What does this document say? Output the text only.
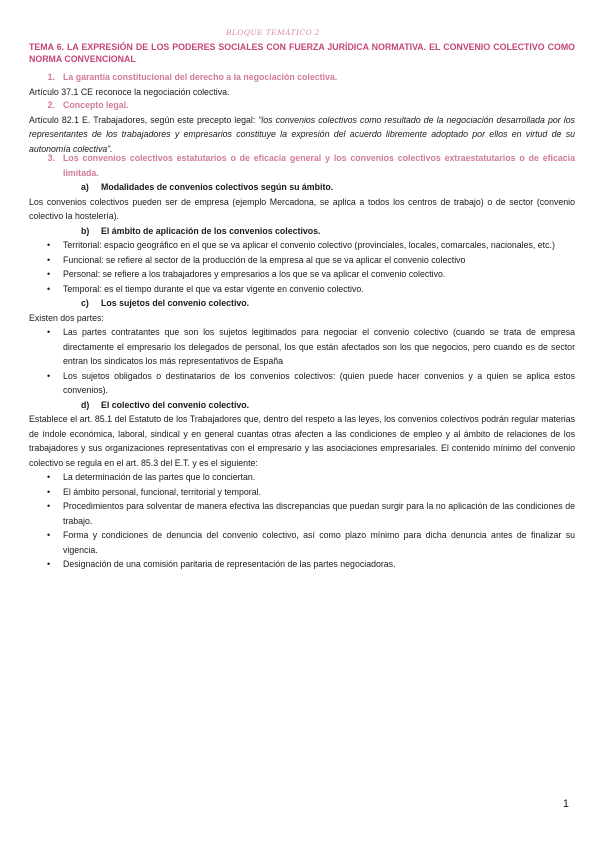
BLOQUE TEMÁTICO 2
TEMA 6. LA EXPRESIÓN DE LOS PODERES SOCIALES CON FUERZA JURÍDICA NORMATIVA. EL CONVENIO COLECTIVO COMO NORMA CONVENCIONAL
1. La garantía constitucional del derecho a la negociación colectiva.
Artículo 37.1 CE reconoce la negociación colectiva.
2. Concepto legal.
Artículo 82.1 E. Trabajadores, según este precepto legal: “los convenios colectivos como resultado de la negociación desarrollada por los representantes de los trabajadores y empresarios constituye la expresión del acuerdo libremente adoptado por ellos en virtud de su autonomía colectiva”.
3. Los convenios colectivos estatutarios o de eficacia general y los convenios colectivos extraestatutarios o de eficacia limitada.
a) Modalidades de convenios colectivos según su ámbito.
Los convenios colectivos pueden ser de empresa (ejemplo Mercadona, se aplica a todos los centros de trabajo) o de sector (convenio colectivo la hostelería).
b) El ámbito de aplicación de los convenios colectivos.
• Territorial: espacio geográfico en el que se va aplicar el convenio colectivo (provinciales, locales, comarcales, nacionales, etc.)
• Funcional: se refiere al sector de la producción de la empresa al que se va aplicar el convenio colectivo
• Personal: se refiere a los trabajadores y empresarios a los que se va aplicar el convenio colectivo.
• Temporal: es el tiempo durante el que va estar vigente en convenio colectivo.
c) Los sujetos del convenio colectivo.
Existen dos partes:
• Las partes contratantes que son los sujetos legitimados para negociar el convenio colectivo (cuando se trata de empresa directamente el empresario los delegados de personal, los que están afectados son los que negocios, pero cuando es de sector entran los sindicatos los más representativos de España
• Los sujetos obligados o destinatarios de los convenios colectivos: (quien puede hacer convenios y a quien se aplica estos convenios).
d) El colectivo del convenio colectivo.
Establece el art. 85.1 del Estatuto de los Trabajadores que, dentro del respeto a las leyes, los convenios colectivos podrán regular materias de índole económica, laboral, sindical y en general cuantas otras afecten a las condiciones de empleo y al ámbito de relaciones de los trabajadores y sus organizaciones representativas con el empresario y las asociaciones empresariales. El contenido mínimo del convenio colectivo se regula en el art. 85.3 del E.T. y es el siguiente:
• La determinación de las partes que lo conciertan.
• El ámbito personal, funcional, territorial y temporal.
• Procedimientos para solventar de manera efectiva las discrepancias que puedan surgir para la no aplicación de las condiciones de trabajo.
• Forma y condiciones de denuncia del convenio colectivo, así como plazo mínimo para dicha denuncia antes de finalizar su vigencia.
• Designación de una comisión paritaria de representación de las partes negociadoras.
1
